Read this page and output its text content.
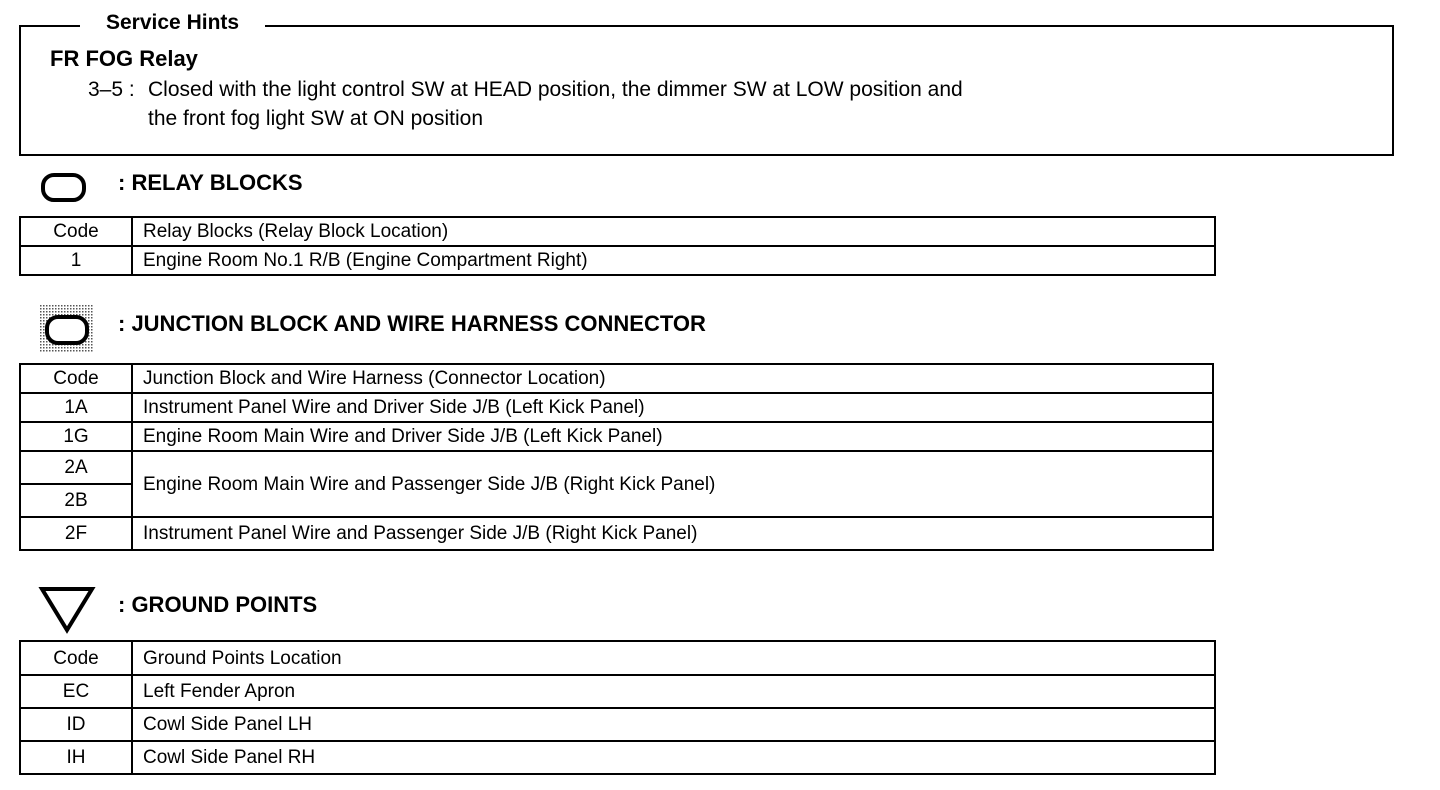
Service Hints
FR FOG Relay
3–5 : Closed with the light control SW at HEAD position, the dimmer SW at LOW position and
the front fog light SW at ON position
: RELAY BLOCKS
Code	Relay Blocks (Relay Block Location)
1	Engine Room No.1 R/B (Engine Compartment Right)
: JUNCTION BLOCK AND WIRE HARNESS CONNECTOR
Code	Junction Block and Wire Harness (Connector Location)
1A	Instrument Panel Wire and Driver Side J/B (Left Kick Panel)
1G	Engine Room Main Wire and Driver Side J/B (Left Kick Panel)
2A	Engine Room Main Wire and Passenger Side J/B (Right Kick Panel)
2B	
2F	Instrument Panel Wire and Passenger Side J/B (Right Kick Panel)
: GROUND POINTS
Code	Ground Points Location
EC	Left Fender Apron
ID	Cowl Side Panel LH
IH	Cowl Side Panel RH
